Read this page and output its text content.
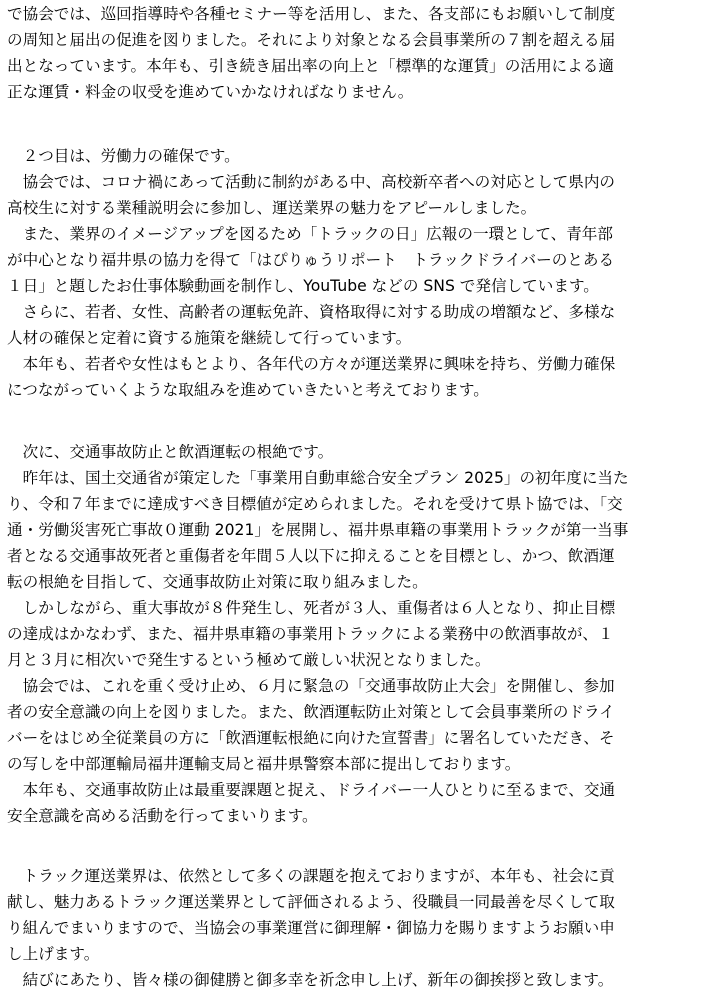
で協会では、巡回指導時や各種セミナー等を活用し、また、各支部にもお願いして制度
の周知と届出の促進を図りました。それにより対象となる会員事業所の７割を超える届
出となっています。本年も、引き続き届出率の向上と「標準的な運賃」の活用による適
正な運賃・料金の収受を進めていかなければなりません。
　２つ目は、労働力の確保です。
　協会では、コロナ禍にあって活動に制約がある中、高校新卒者への対応として県内の
高校生に対する業種説明会に参加し、運送業界の魅力をアピールしました。
　また、業界のイメージアップを図るため「トラックの日」広報の一環として、青年部
が中心となり福井県の協力を得て「はぴりゅうリポート　トラックドライバーのとある
１日」と題したお仕事体験動画を制作し、YouTube などの SNS で発信しています。
　さらに、若者、女性、高齢者の運転免許、資格取得に対する助成の増額など、多様な
人材の確保と定着に資する施策を継続して行っています。
　本年も、若者や女性はもとより、各年代の方々が運送業界に興味を持ち、労働力確保
につながっていくような取組みを進めていきたいと考えております。
　次に、交通事故防止と飲酒運転の根絶です。
　昨年は、国土交通省が策定した「事業用自動車総合安全プラン 2025」の初年度に当た
り、令和７年までに達成すべき目標値が定められました。それを受けて県ト協では、「交
通・労働災害死亡事故０運動 2021」を展開し、福井県車籍の事業用トラックが第一当事
者となる交通事故死者と重傷者を年間５人以下に抑えることを目標とし、かつ、飲酒運
転の根絶を目指して、交通事故防止対策に取り組みました。
　しかしながら、重大事故が８件発生し、死者が３人、重傷者は６人となり、抑止目標
の達成はかなわず、また、福井県車籍の事業用トラックによる業務中の飲酒事故が、１
月と３月に相次いで発生するという極めて厳しい状況となりました。
　協会では、これを重く受け止め、６月に緊急の「交通事故防止大会」を開催し、参加
者の安全意識の向上を図りました。また、飲酒運転防止対策として会員事業所のドライ
バーをはじめ全従業員の方に「飲酒運転根絶に向けた宣誓書」に署名していただき、そ
の写しを中部運輸局福井運輸支局と福井県警察本部に提出しております。
　本年も、交通事故防止は最重要課題と捉え、ドライバー一人ひとりに至るまで、交通
安全意識を高める活動を行ってまいります。
　トラック運送業界は、依然として多くの課題を抱えておりますが、本年も、社会に貢
献し、魅力あるトラック運送業界として評価されるよう、役職員一同最善を尽くして取
り組んでまいりますので、当協会の事業運営に御理解・御協力を賜りますようお願い申
し上げます。
　結びにあたり、皆々様の御健勝と御多幸を祈念申し上げ、新年の御挨拶と致します。
